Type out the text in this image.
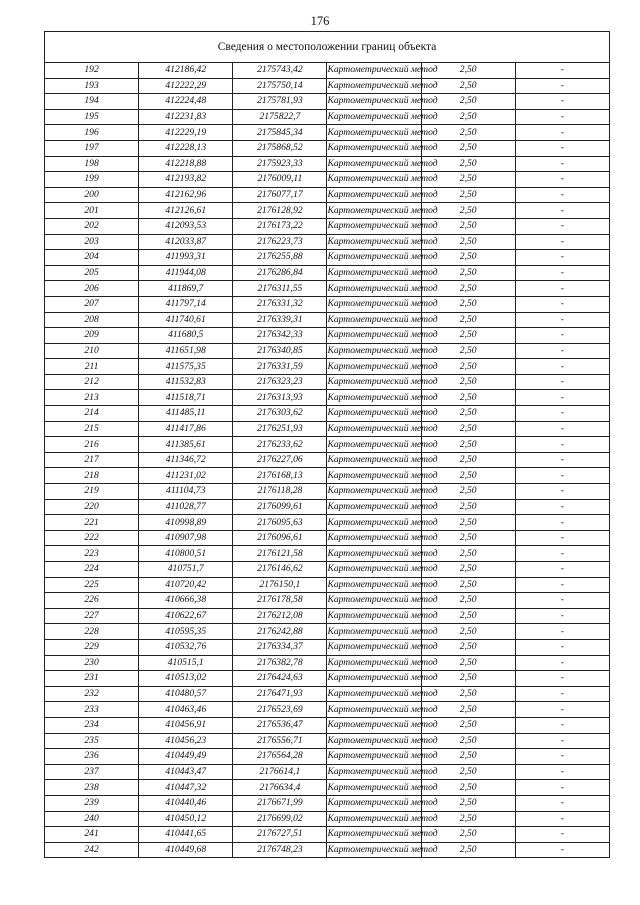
176
Сведения о местоположении границ объекта					
192	412186,42	2175743,42	Картометрический метод	2,50	-
193	412222,29	2175750,14	Картометрический метод	2,50	-
194	412224,48	2175781,93	Картометрический метод	2,50	-
195	412231,83	2175822,7	Картометрический метод	2,50	-
196	412229,19	2175845,34	Картометрический метод	2,50	-
197	412228,13	2175868,52	Картометрический метод	2,50	-
198	412218,88	2175923,33	Картометрический метод	2,50	-
199	412193,82	2176009,11	Картометрический метод	2,50	-
200	412162,96	2176077,17	Картометрический метод	2,50	-
201	412126,61	2176128,92	Картометрический метод	2,50	-
202	412093,53	2176173,22	Картометрический метод	2,50	-
203	412033,87	2176223,73	Картометрический метод	2,50	-
204	411993,31	2176255,88	Картометрический метод	2,50	-
205	411944,08	2176286,84	Картометрический метод	2,50	-
206	411869,7	2176311,55	Картометрический метод	2,50	-
207	411797,14	2176331,32	Картометрический метод	2,50	-
208	411740,61	2176339,31	Картометрический метод	2,50	-
209	411680,5	2176342,33	Картометрический метод	2,50	-
210	411651,98	2176340,85	Картометрический метод	2,50	-
211	411575,35	2176331,59	Картометрический метод	2,50	-
212	411532,83	2176323,23	Картометрический метод	2,50	-
213	411518,71	2176313,93	Картометрический метод	2,50	-
214	411485,11	2176303,62	Картометрический метод	2,50	-
215	411417,86	2176251,93	Картометрический метод	2,50	-
216	411385,61	2176233,62	Картометрический метод	2,50	-
217	411346,72	2176227,06	Картометрический метод	2,50	-
218	411231,02	2176168,13	Картометрический метод	2,50	-
219	411104,73	2176118,28	Картометрический метод	2,50	-
220	411028,77	2176099,61	Картометрический метод	2,50	-
221	410998,89	2176095,63	Картометрический метод	2,50	-
222	410907,98	2176096,61	Картометрический метод	2,50	-
223	410800,51	2176121,58	Картометрический метод	2,50	-
224	410751,7	2176146,62	Картометрический метод	2,50	-
225	410720,42	2176150,1	Картометрический метод	2,50	-
226	410666,38	2176178,58	Картометрический метод	2,50	-
227	410622,67	2176212,08	Картометрический метод	2,50	-
228	410595,35	2176242,88	Картометрический метод	2,50	-
229	410532,76	2176334,37	Картометрический метод	2,50	-
230	410515,1	2176382,78	Картометрический метод	2,50	-
231	410513,02	2176424,63	Картометрический метод	2,50	-
232	410480,57	2176471,93	Картометрический метод	2,50	-
233	410463,46	2176523,69	Картометрический метод	2,50	-
234	410456,91	2176536,47	Картометрический метод	2,50	-
235	410456,23	2176556,71	Картометрический метод	2,50	-
236	410449,49	2176564,28	Картометрический метод	2,50	-
237	410443,47	2176614,1	Картометрический метод	2,50	-
238	410447,32	2176634,4	Картометрический метод	2,50	-
239	410440,46	2176671,99	Картометрический метод	2,50	-
240	410450,12	2176699,02	Картометрический метод	2,50	-
241	410441,65	2176727,51	Картометрический метод	2,50	-
242	410449,68	2176748,23	Картометрический метод	2,50	-
